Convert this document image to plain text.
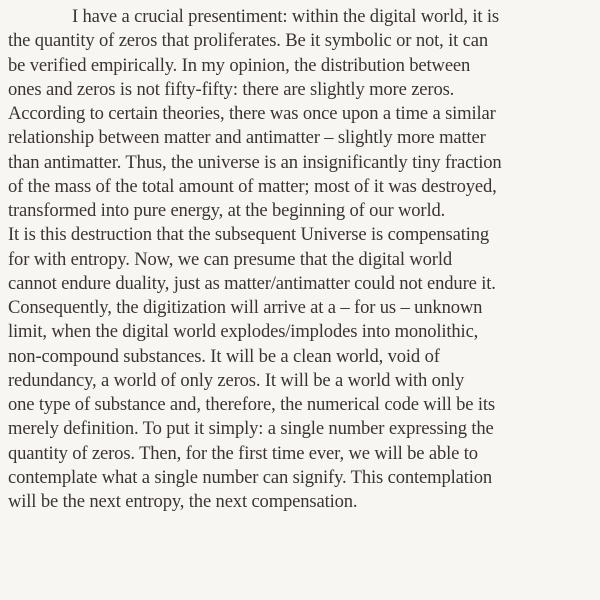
I have a crucial presentiment: within the digital world, it is
the quantity of zeros that proliferates. Be it symbolic or not, it can
be verified empirically. In my opinion, the distribution between
ones and zeros is not fifty-fifty: there are slightly more zeros.
According to certain theories, there was once upon a time a similar
relationship between matter and antimatter – slightly more matter
than antimatter. Thus, the universe is an insignificantly tiny fraction
of the mass of the total amount of matter; most of it was destroyed,
transformed into pure energy, at the beginning of our world.
It is this destruction that the subsequent Universe is compensating
for with entropy. Now, we can presume that the digital world
cannot endure duality, just as matter/antimatter could not endure it.
Consequently, the digitization will arrive at a – for us – unknown
limit, when the digital world explodes/implodes into monolithic,
non-compound substances. It will be a clean world, void of
redundancy, a world of only zeros. It will be a world with only
one type of substance and, therefore, the numerical code will be its
merely definition. To put it simply: a single number expressing the
quantity of zeros. Then, for the first time ever, we will be able to
contemplate what a single number can signify. This contemplation
will be the next entropy, the next compensation.
